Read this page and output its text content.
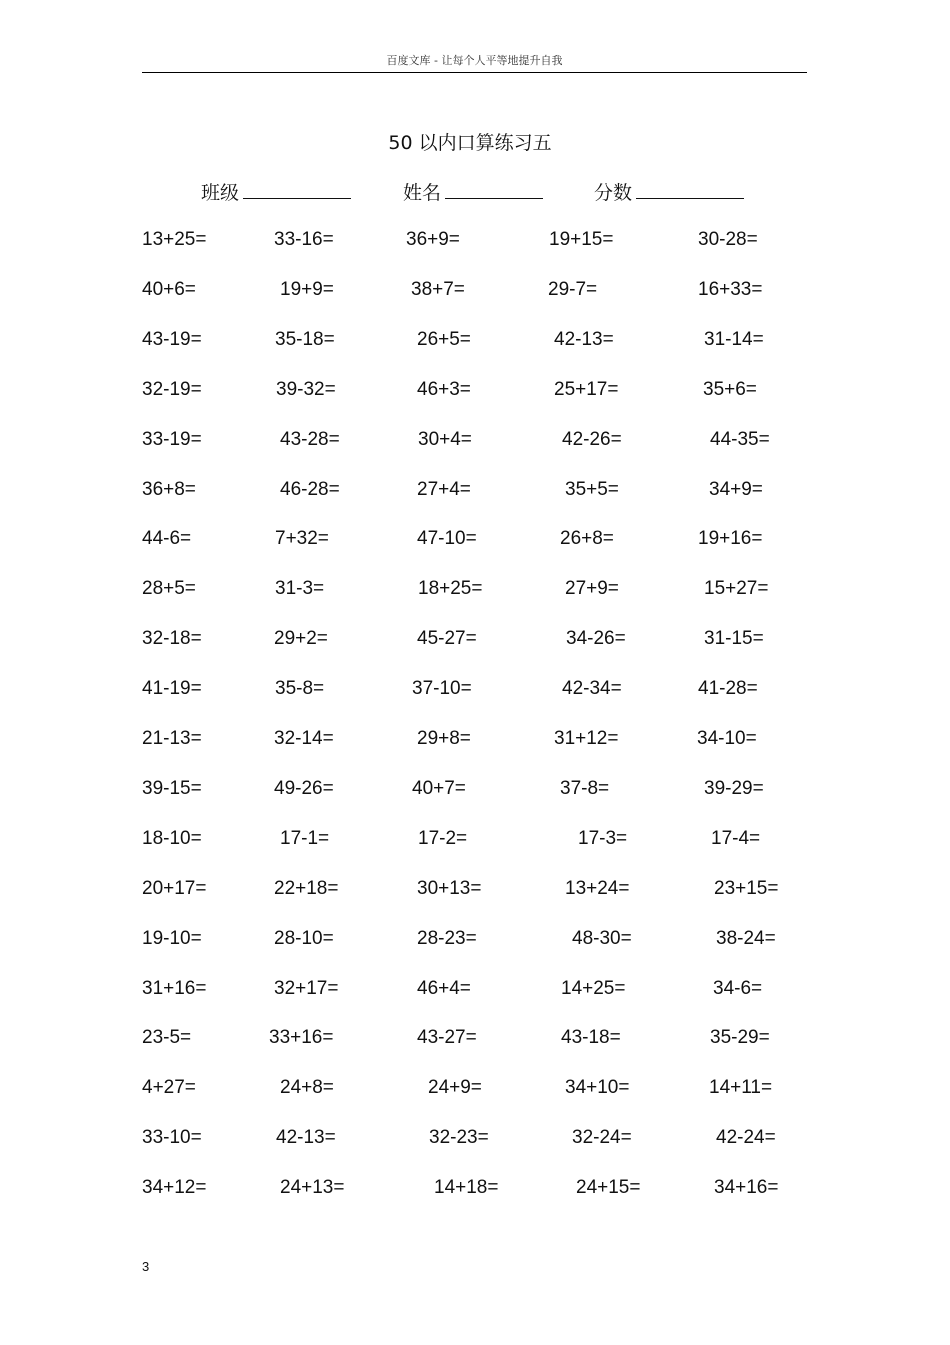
百度文库 - 让每个人平等地提升自我
50 以内口算练习五
班级	姓名	分数
13+25=	33-16=	36+9=	19+15=	30-28=
40+6=	19+9=	38+7=	29-7=	16+33=
43-19=	35-18=	26+5=	42-13=	31-14=
32-19=	39-32=	46+3=	25+17=	35+6=
33-19=	43-28=	30+4=	42-26=	44-35=
36+8=	46-28=	27+4=	35+5=	34+9=
44-6=	7+32=	47-10=	26+8=	19+16=
28+5=	31-3=	18+25=	27+9=	15+27=
32-18=	29+2=	45-27=	34-26=	31-15=
41-19=	35-8=	37-10=	42-34=	41-28=
21-13=	32-14=	29+8=	31+12=	34-10=
39-15=	49-26=	40+7=	37-8=	39-29=
18-10=	17-1=	17-2=	17-3=	17-4=
20+17=	22+18=	30+13=	13+24=	23+15=
19-10=	28-10=	28-23=	48-30=	38-24=
31+16=	32+17=	46+4=	14+25=	34-6=
23-5=	33+16=	43-27=	43-18=	35-29=
4+27=	24+8=	24+9=	34+10=	14+11=
33-10=	42-13=	32-23=	32-24=	42-24=
34+12=	24+13=	14+18=	24+15=	34+16=
3
